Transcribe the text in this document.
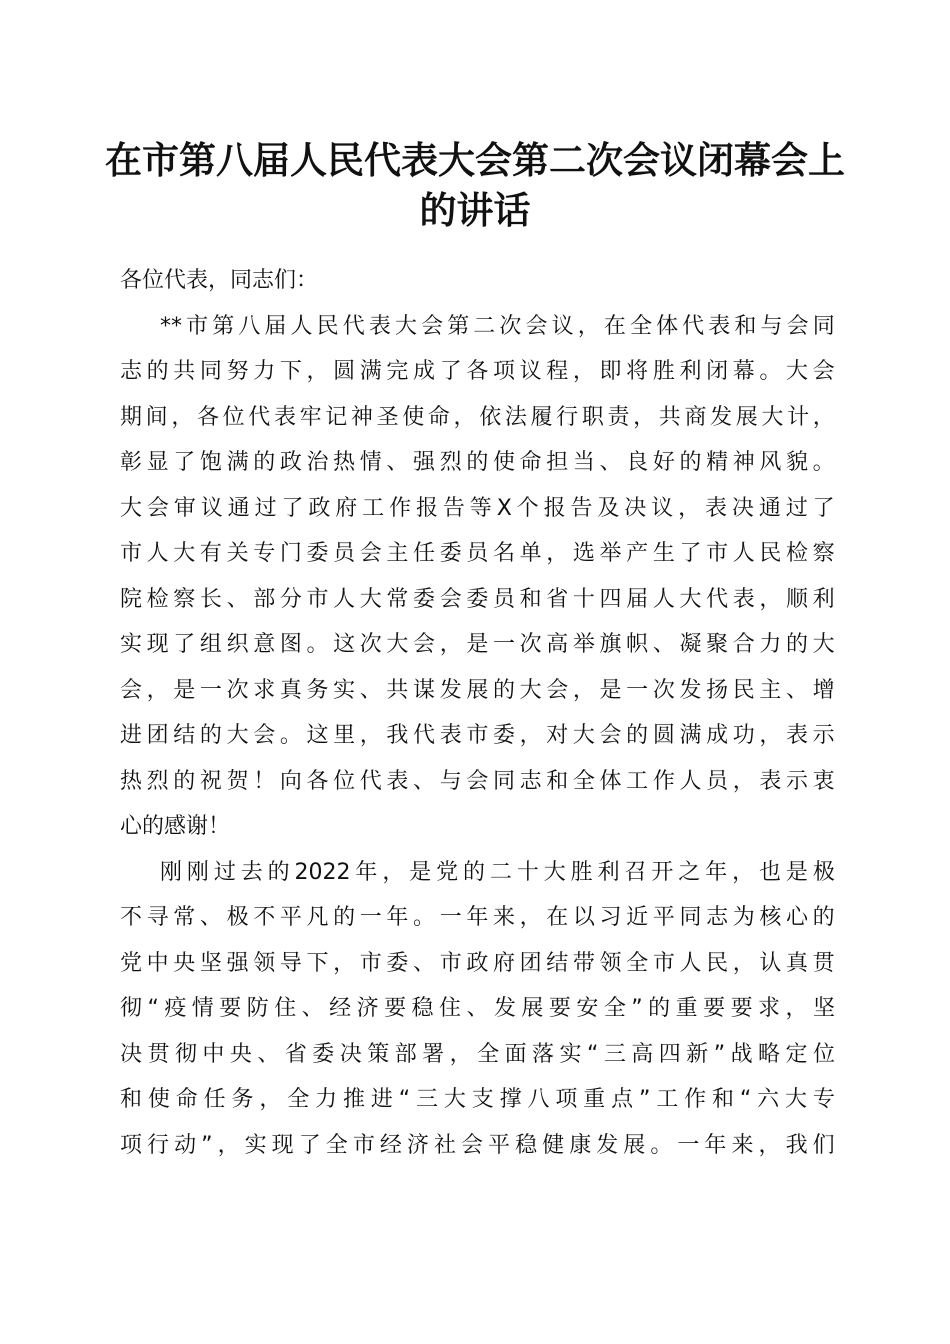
在市第八届人民代表大会第二次会议闭幕会上
的讲话
各位代表，同志们：
** 市 第 八 届 人 民 代 表 大 会 第 二 次 会 议 ， 在 全 体 代 表 和 与 会 同
志 的 共 同 努 力 下 ， 圆 满 完 成 了 各 项 议 程 ， 即 将 胜 利 闭 幕 。 大 会
期 间 ， 各 位 代 表 牢 记 神 圣 使 命 ， 依 法 履 行 职 责 ， 共 商 发 展 大 计 ，
彰 显 了 饱 满 的 政 治 热 情 、 强 烈 的 使 命 担 当 、 良 好 的 精 神 风 貌 。
大 会 审 议 通 过 了 政 府 工 作 报 告 等 X 个 报 告 及 决 议 ， 表 决 通 过 了
市 人 大 有 关 专 门 委 员 会 主 任 委 员 名 单 ， 选 举 产 生 了 市 人 民 检 察
院 检 察 长 、 部 分 市 人 大 常 委 会 委 员 和 省 十 四 届 人 大 代 表 ， 顺 利
实 现 了 组 织 意 图 。 这 次 大 会 ， 是 一 次 高 举 旗 帜 、 凝 聚 合 力 的 大
会 ， 是 一 次 求 真 务 实 、 共 谋 发 展 的 大 会 ， 是 一 次 发 扬 民 主 、 增
进 团 结 的 大 会 。 这 里 ， 我 代 表 市 委 ， 对 大 会 的 圆 满 成 功 ， 表 示
热 烈 的 祝 贺 ！ 向 各 位 代 表 、 与 会 同 志 和 全 体 工 作 人 员 ， 表 示 衷
心的感谢！
刚 刚 过 去 的 2022 年 ， 是 党 的 二 十 大 胜 利 召 开 之 年 ， 也 是 极
不 寻 常 、 极 不 平 凡 的 一 年 。 一 年 来 ， 在 以 习 近 平 同 志 为 核 心 的
党 中 央 坚 强 领 导 下 ， 市 委 、 市 政 府 团 结 带 领 全 市 人 民 ， 认 真 贯
彻 “ 疫 情 要 防 住 、 经 济 要 稳 住 、 发 展 要 安 全 ” 的 重 要 要 求 ， 坚
决 贯 彻 中 央 、 省 委 决 策 部 署 ， 全 面 落 实 “ 三 高 四 新 ” 战 略 定 位
和 使 命 任 务 ， 全 力 推 进 “ 三 大 支 撑 八 项 重 点 ” 工 作 和 “ 六 大 专
项 行 动 ” ， 实 现 了 全 市 经 济 社 会 平 稳 健 康 发 展 。 一 年 来 ， 我 们
